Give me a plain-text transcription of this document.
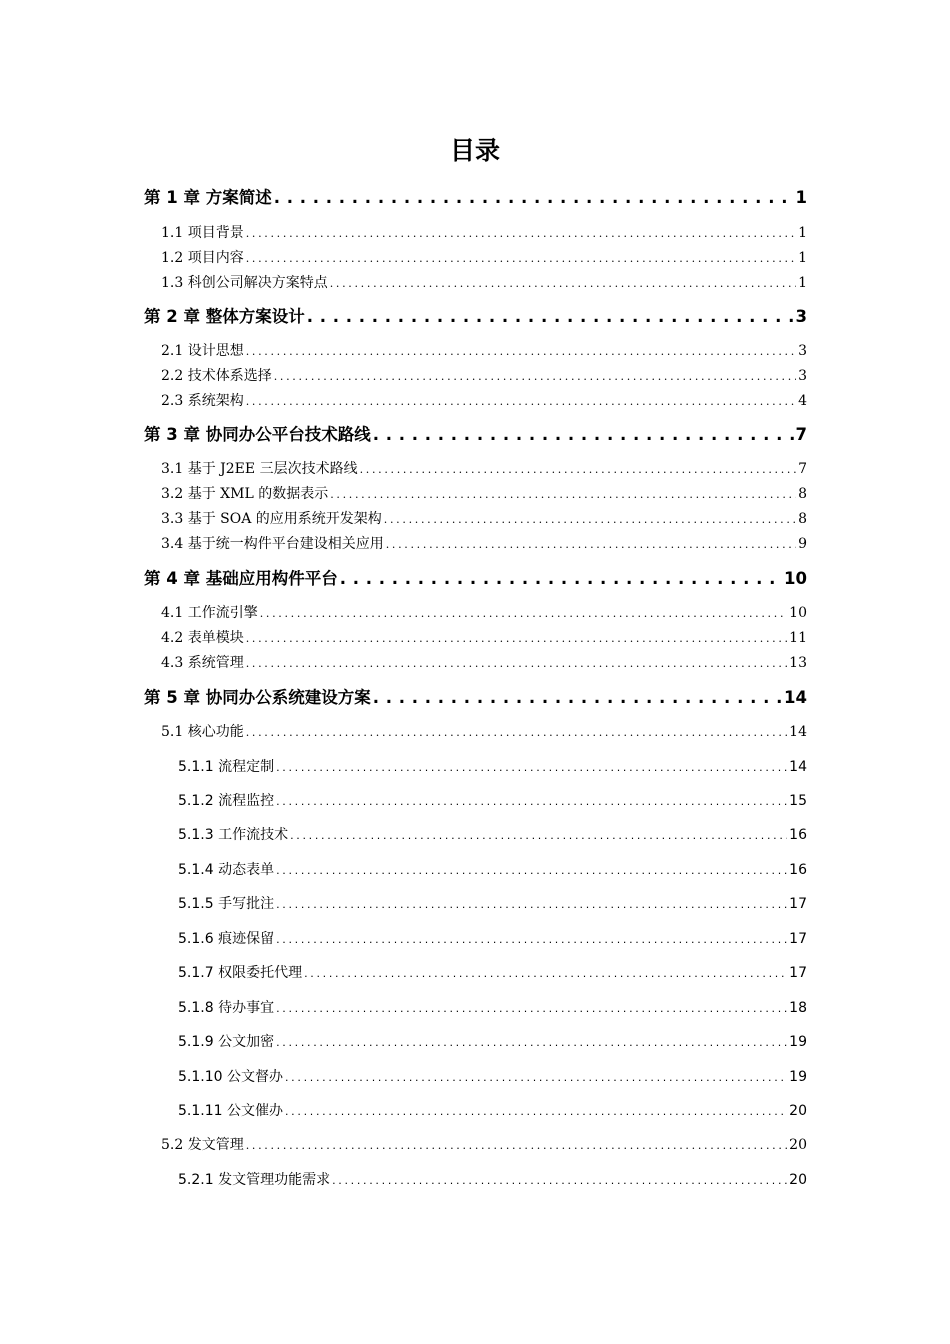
目录
第 1 章 方案简述 . . .	1
1.1 项目背景 . . .	1
1.2 项目内容 . . .	1
1.3 科创公司解决方案特点 . . .	1
第 2 章 整体方案设计 . . .	3
2.1 设计思想 . . .	3
2.2 技术体系选择 . . .	3
2.3 系统架构 . . .	4
第 3 章 协同办公平台技术路线 . . .	7
3.1 基于 J2EE 三层次技术路线 . . .	7
3.2 基于 XML 的数据表示 . . .	8
3.3 基于 SOA 的应用系统开发架构 . . .	8
3.4 基于统一构件平台建设相关应用 . . .	9
第 4 章 基础应用构件平台 . . .	10
4.1 工作流引擎 . . .	10
4.2 表单模块 . . .	11
4.3 系统管理 . . .	13
第 5 章 协同办公系统建设方案 . . .	14
5.1 核心功能 . . .	14
5.1.1 流程定制 . . .	14
5.1.2 流程监控 . . .	15
5.1.3 工作流技术 . . .	16
5.1.4 动态表单 . . .	16
5.1.5 手写批注 . . .	17
5.1.6 痕迹保留 . . .	17
5.1.7 权限委托代理 . . .	17
5.1.8 待办事宜 . . .	18
5.1.9 公文加密 . . .	19
5.1.10 公文督办 . . .	19
5.1.11 公文催办 . . .	20
5.2 发文管理 . . .	20
5.2.1 发文管理功能需求 . . .	20
